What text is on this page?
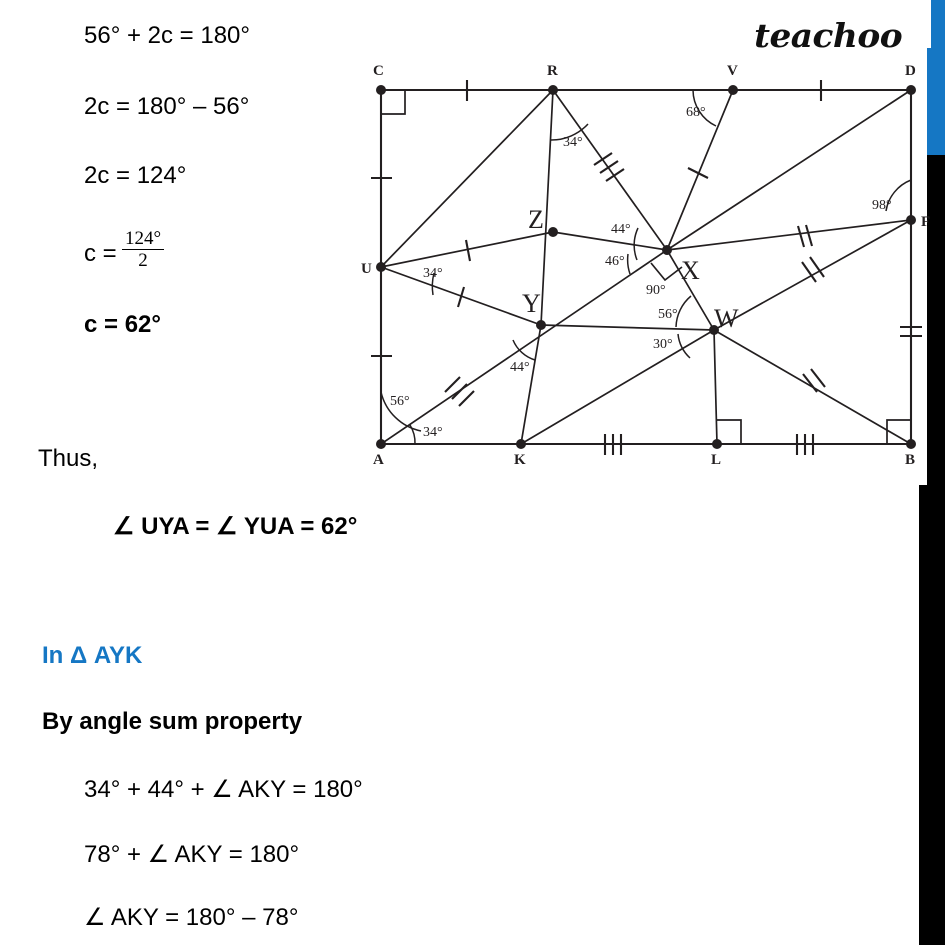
teachoo
$\frac{124^\circ}{2}$
C	R	V	D
U
F
A	K	L	B
Z
Y
X
W
34°
68°
98°
44°
46°
90°
34°
56°
30°
44°
56°
34°
56° + 2c = 180°
2c = 180° – 56°
2c = 124°
c =
c = 62°
Thus,
∠ UYA = ∠ YUA = 62°
In Δ AYK
By angle sum property
34° + 44° + ∠ AKY = 180°
78° + ∠ AKY = 180°
∠ AKY = 180° – 78°
